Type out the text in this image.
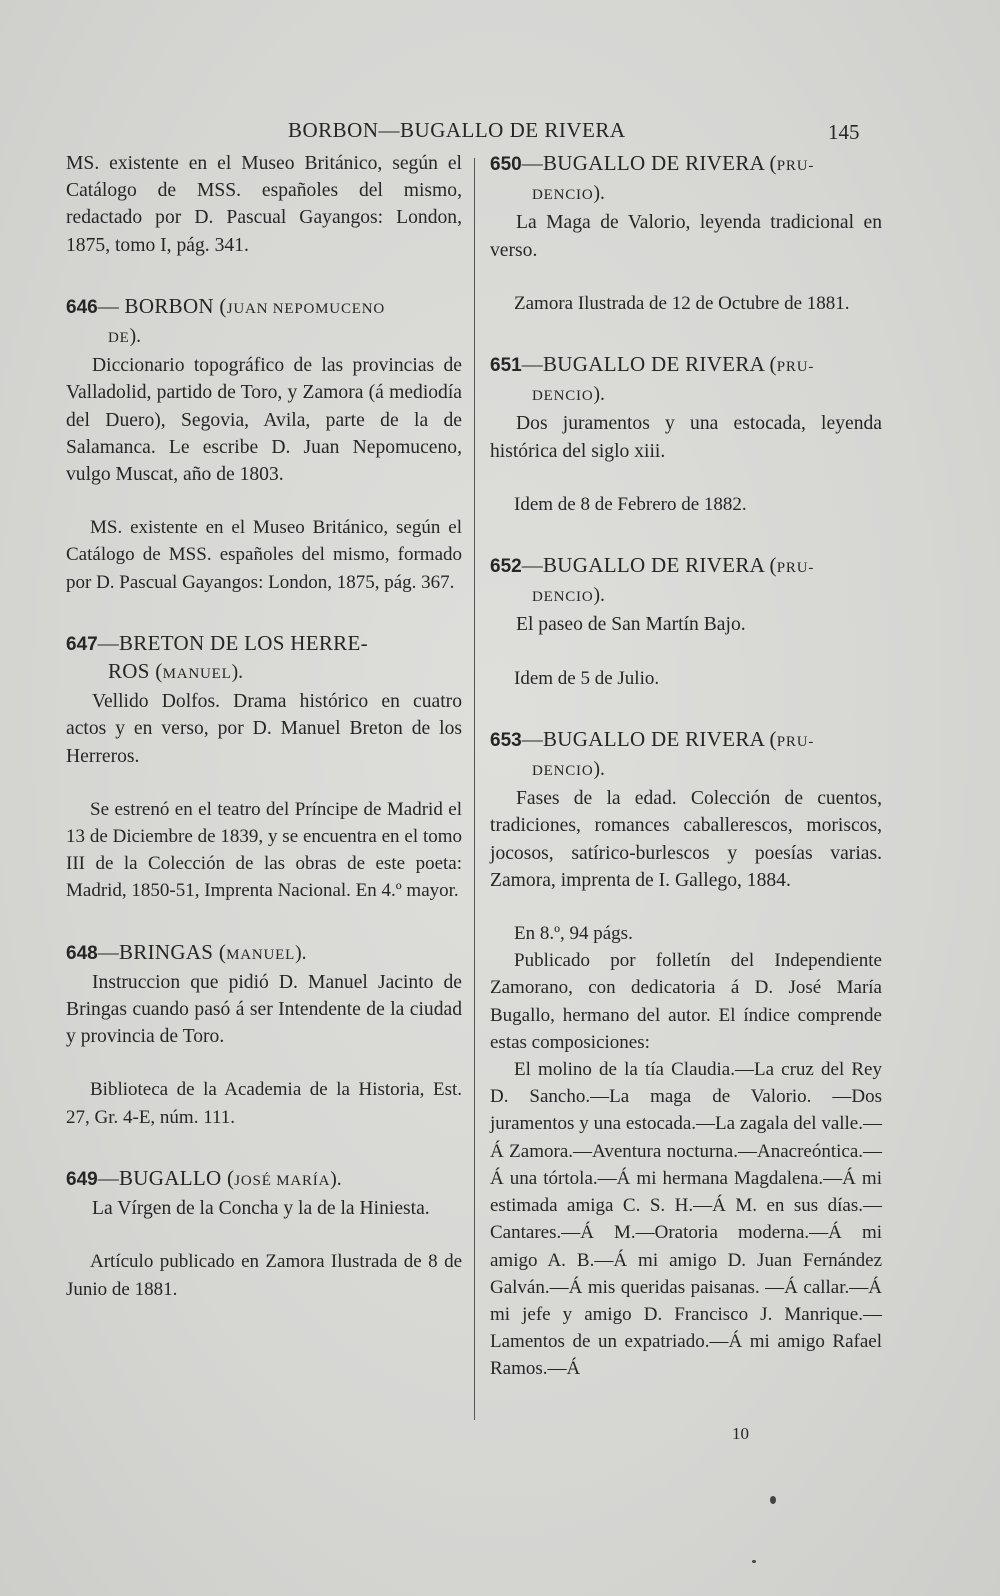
BORBON—BUGALLO DE RIVERA	145

MS. existente en el Museo Británico, según el Catálogo de MSS. españoles del mismo, redactado por D. Pascual Gayangos: London, 1875, tomo I, pág. 341.

646— BORBON (JUAN NEPOMUCENO
DE).

Diccionario topográfico de las provincias de Valladolid, partido de Toro, y Zamora (á mediodía del Duero), Segovia, Avila, parte de la de Salamanca. Le escribe D. Juan Nepomuceno, vulgo Muscat, año de 1803.

MS. existente en el Museo Británico, según el Catálogo de MSS. españoles del mismo, formado por D. Pascual Gayangos: London, 1875, pág. 367.

647—BRETON DE LOS HERRE-
ROS (MANUEL).

Vellido Dolfos. Drama histórico en cuatro actos y en verso, por D. Manuel Breton de los Herreros.

Se estrenó en el teatro del Príncipe de Madrid el 13 de Diciembre de 1839, y se encuentra en el tomo III de la Colección de las obras de este poeta: Madrid, 1850-51, Imprenta Nacional. En 4.º mayor.

648—BRINGAS (MANUEL).

Instruccion que pidió D. Manuel Jacinto de Bringas cuando pasó á ser Intendente de la ciudad y provincia de Toro.

Biblioteca de la Academia de la Historia, Est. 27, Gr. 4-E, núm. 111.

649—BUGALLO (JOSÉ MARÍA).

La Vírgen de la Concha y la de la Hiniesta.

Artículo publicado en Zamora Ilustrada de 8 de Junio de 1881.

650—BUGALLO DE RIVERA (PRU-
DENCIO).

La Maga de Valorio, leyenda tradicional en verso.

Zamora Ilustrada de 12 de Octubre de 1881.

651—BUGALLO DE RIVERA (PRU-
DENCIO).

Dos juramentos y una estocada, leyenda histórica del siglo xiii.

Idem de 8 de Febrero de 1882.

652—BUGALLO DE RIVERA (PRU-
DENCIO).

El paseo de San Martín Bajo.

Idem de 5 de Julio.

653—BUGALLO DE RIVERA (PRU-
DENCIO).

Fases de la edad. Colección de cuentos, tradiciones, romances caballerescos, moriscos, jocosos, satírico-burlescos y poesías varias. Zamora, imprenta de I. Gallego, 1884.

En 8.º, 94 págs.

Publicado por folletín del Independiente Zamorano, con dedicatoria á D. José María Bugallo, hermano del autor. El índice comprende estas composiciones:

El molino de la tía Claudia.—La cruz del Rey D. Sancho.—La maga de Valorio. —Dos juramentos y una estocada.—La zagala del valle.—Á Zamora.—Aventura nocturna.—Anacreóntica.—Á una tórtola.—Á mi hermana Magdalena.—Á mi estimada amiga C. S. H.—Á M. en sus días.—Cantares.—Á M.—Oratoria moderna.—Á mi amigo A. B.—Á mi amigo D. Juan Fernández Galván.—Á mis queridas paisanas. —Á callar.—Á mi jefe y amigo D. Francisco J. Manrique.—Lamentos de un expatriado.—Á mi amigo Rafael Ramos.—Á

10
